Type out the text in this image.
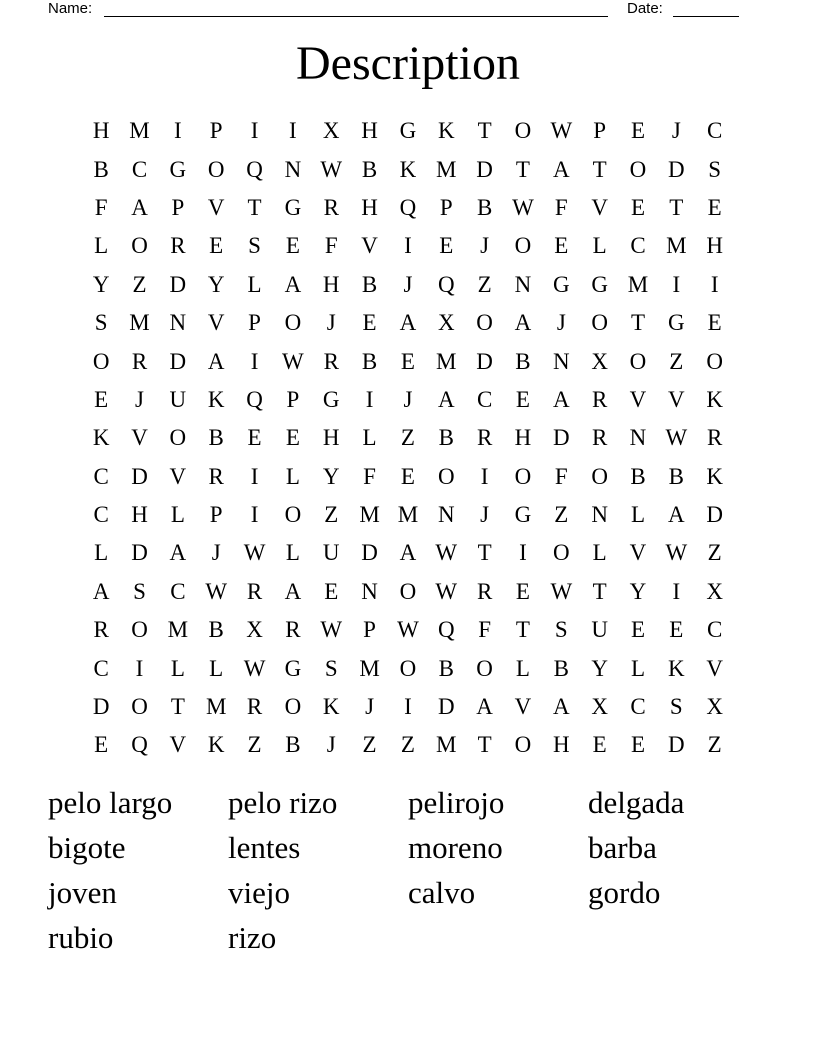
Name:	Date:
Description
H M	I	P	I	I	X H G K	T	O W P	E	J	C
B	C G O Q N W B K M D	T	A	T	O D	S
F	A	P	V	T	G R H Q	P	B W F	V	E	T	E
L	O R	E	S	E	F	V	I	E	J	O	E	L	C M H
Y	Z	D Y	L	A H B	J	Q	Z	N G G M	I	I
S M N V	P	O	J	E	A X O A	J	O	T	G	E
O R D A	I	W R	B	E M D B N X O	Z	O
E	J	U K Q	P	G	I	J	A C	E	A R V V K
K V O B	E	E	H	L	Z	B	R H D R N W R
C D V R	I	L	Y	F	E	O	I	O	F	O B	B K
C H	L	P	I	O	Z M M N	J	G	Z	N	L	A D
L	D A	J	W L	U D A W T	I	O	L	V W Z
A	S	C W R A	E	N O W R	E W T	Y	I	X
R O M B X R W P W Q	F	T	S	U	E	E	C
C	I	L	L W G	S M O B O	L	B Y	L	K V
D O	T M R O K	J	I	D A V A X C	S	X
E	Q V K	Z	B	J	Z	Z M T	O H	E	E	D	Z
pelo largo	pelo rizo	pelirojo	delgada
bigote	lentes	moreno	barba
joven	viejo	calvo	gordo
rubio	rizo
